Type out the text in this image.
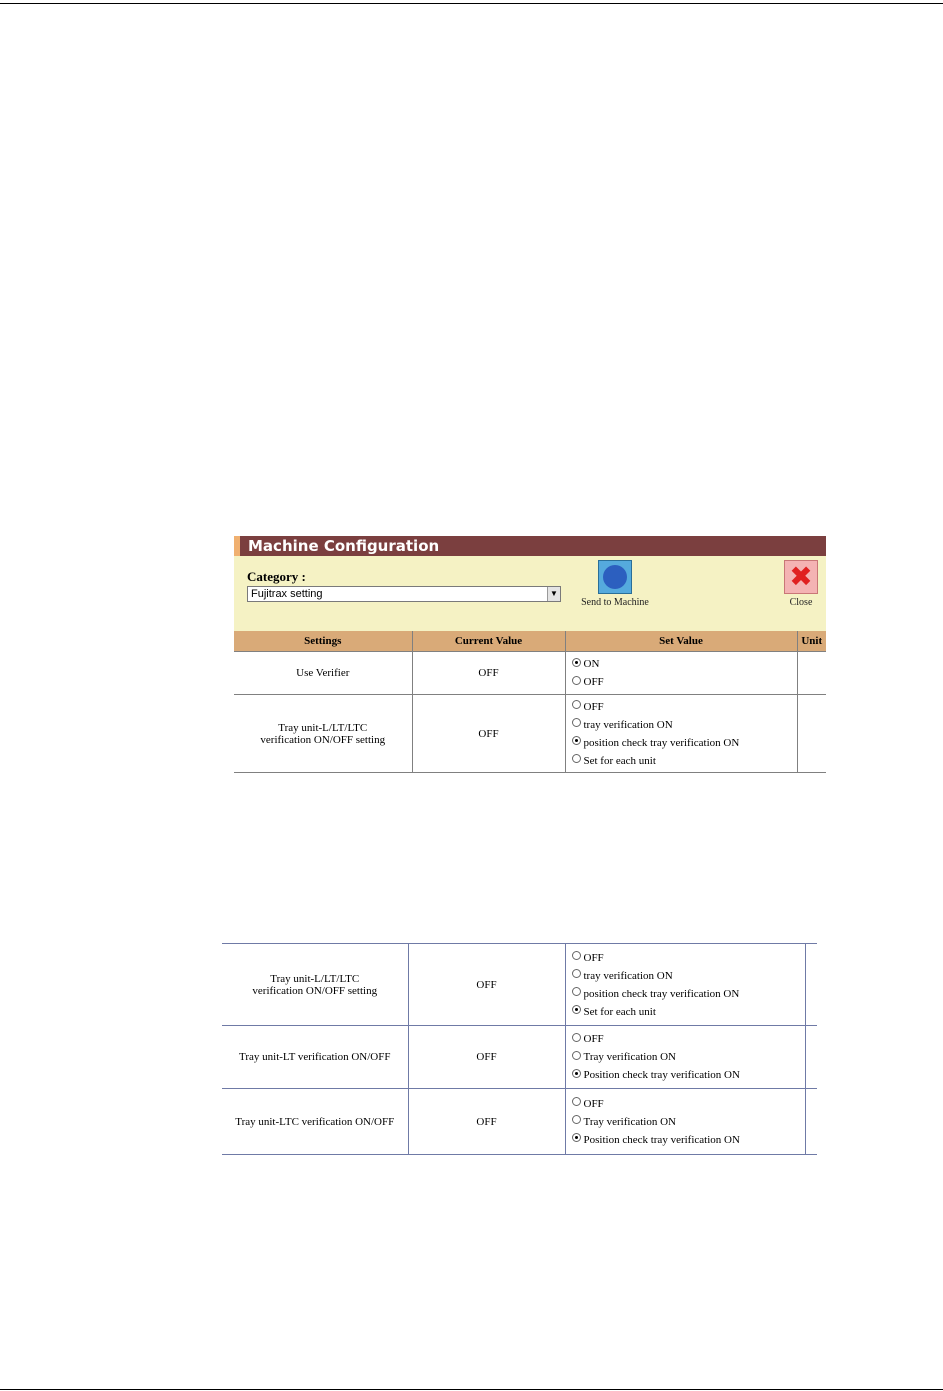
Machine Configuration
Category :
Fujitrax setting	▼
Send to Machine
✖
Close
Settings	Current Value	Set Value	Unit
Use Verifier	OFF	ON
OFF	

Tray unit-L/LT/LTC
verification ON/OFF setting	OFF	OFF
tray verification ON
position check tray verification ON
Set for each unit	

Tray unit-L/LT/LTC
verification ON/OFF setting	OFF	OFF
tray verification ON
position check tray verification ON
Set for each unit	

Tray unit-LT verification ON/OFF	OFF	OFF
Tray verification ON
Position check tray verification ON	

Tray unit-LTC verification ON/OFF	OFF	OFF
Tray verification ON
Position check tray verification ON	
